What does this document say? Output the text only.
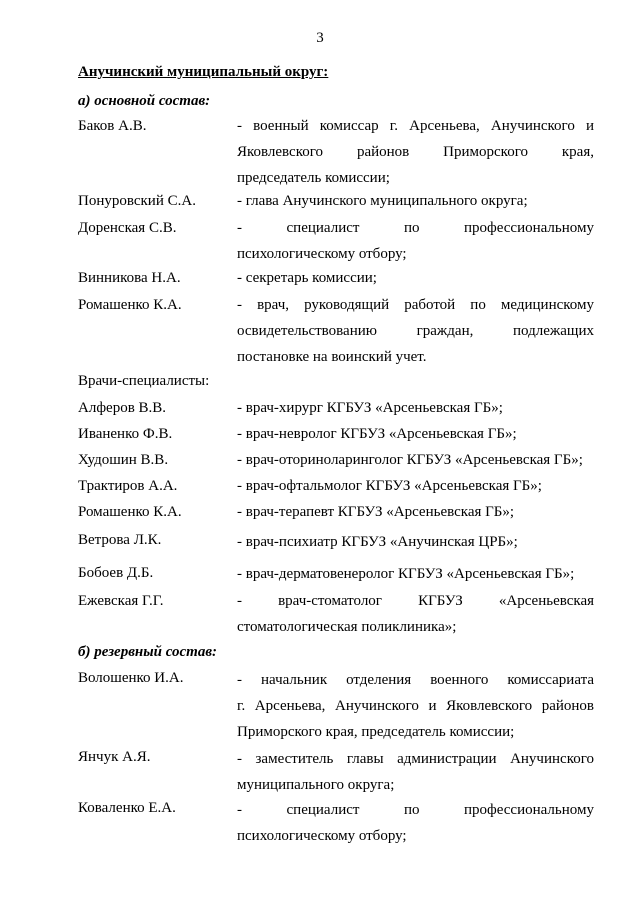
3
Анучинский муниципальный округ:
а) основной состав:
Баков А.В.	- военный комиссар г. Арсеньева, Анучинского и
Яковлевского районов Приморского края,
председатель комиссии;
Понуровский С.А.	- глава Анучинского муниципального округа;
Доренская С.В.	- специалист по профессиональному
психологическому отбору;
Винникова Н.А.	- секретарь комиссии;
Ромашенко К.А.	- врач, руководящий работой по медицинскому
освидетельствованию граждан, подлежащих
постановке на воинский учет.
Врачи-специалисты:
Алферов В.В.	- врач-хирург КГБУЗ «Арсеньевская ГБ»;
Иваненко Ф.В.	- врач-невролог КГБУЗ «Арсеньевская ГБ»;
Худошин В.В.	- врач-оториноларинголог КГБУЗ «Арсеньевская ГБ»;
Трактиров А.А.	- врач-офтальмолог КГБУЗ «Арсеньевская ГБ»;
Ромашенко К.А.	- врач-терапевт КГБУЗ «Арсеньевская ГБ»;
Ветрова Л.К.	- врач-психиатр КГБУЗ «Анучинская ЦРБ»;
Бобоев Д.Б.	- врач-дерматовенеролог КГБУЗ «Арсеньевская ГБ»;
Ежевская Г.Г.	- врач-стоматолог КГБУЗ «Арсеньевская
стоматологическая поликлиника»;
б) резервный состав:
Волошенко И.А.	- начальник отделения военного комиссариата
г. Арсеньева, Анучинского и Яковлевского районов
Приморского края, председатель комиссии;
Янчук А.Я.	- заместитель главы администрации Анучинского
муниципального округа;
Коваленко Е.А.	- специалист по профессиональному
психологическому отбору;
